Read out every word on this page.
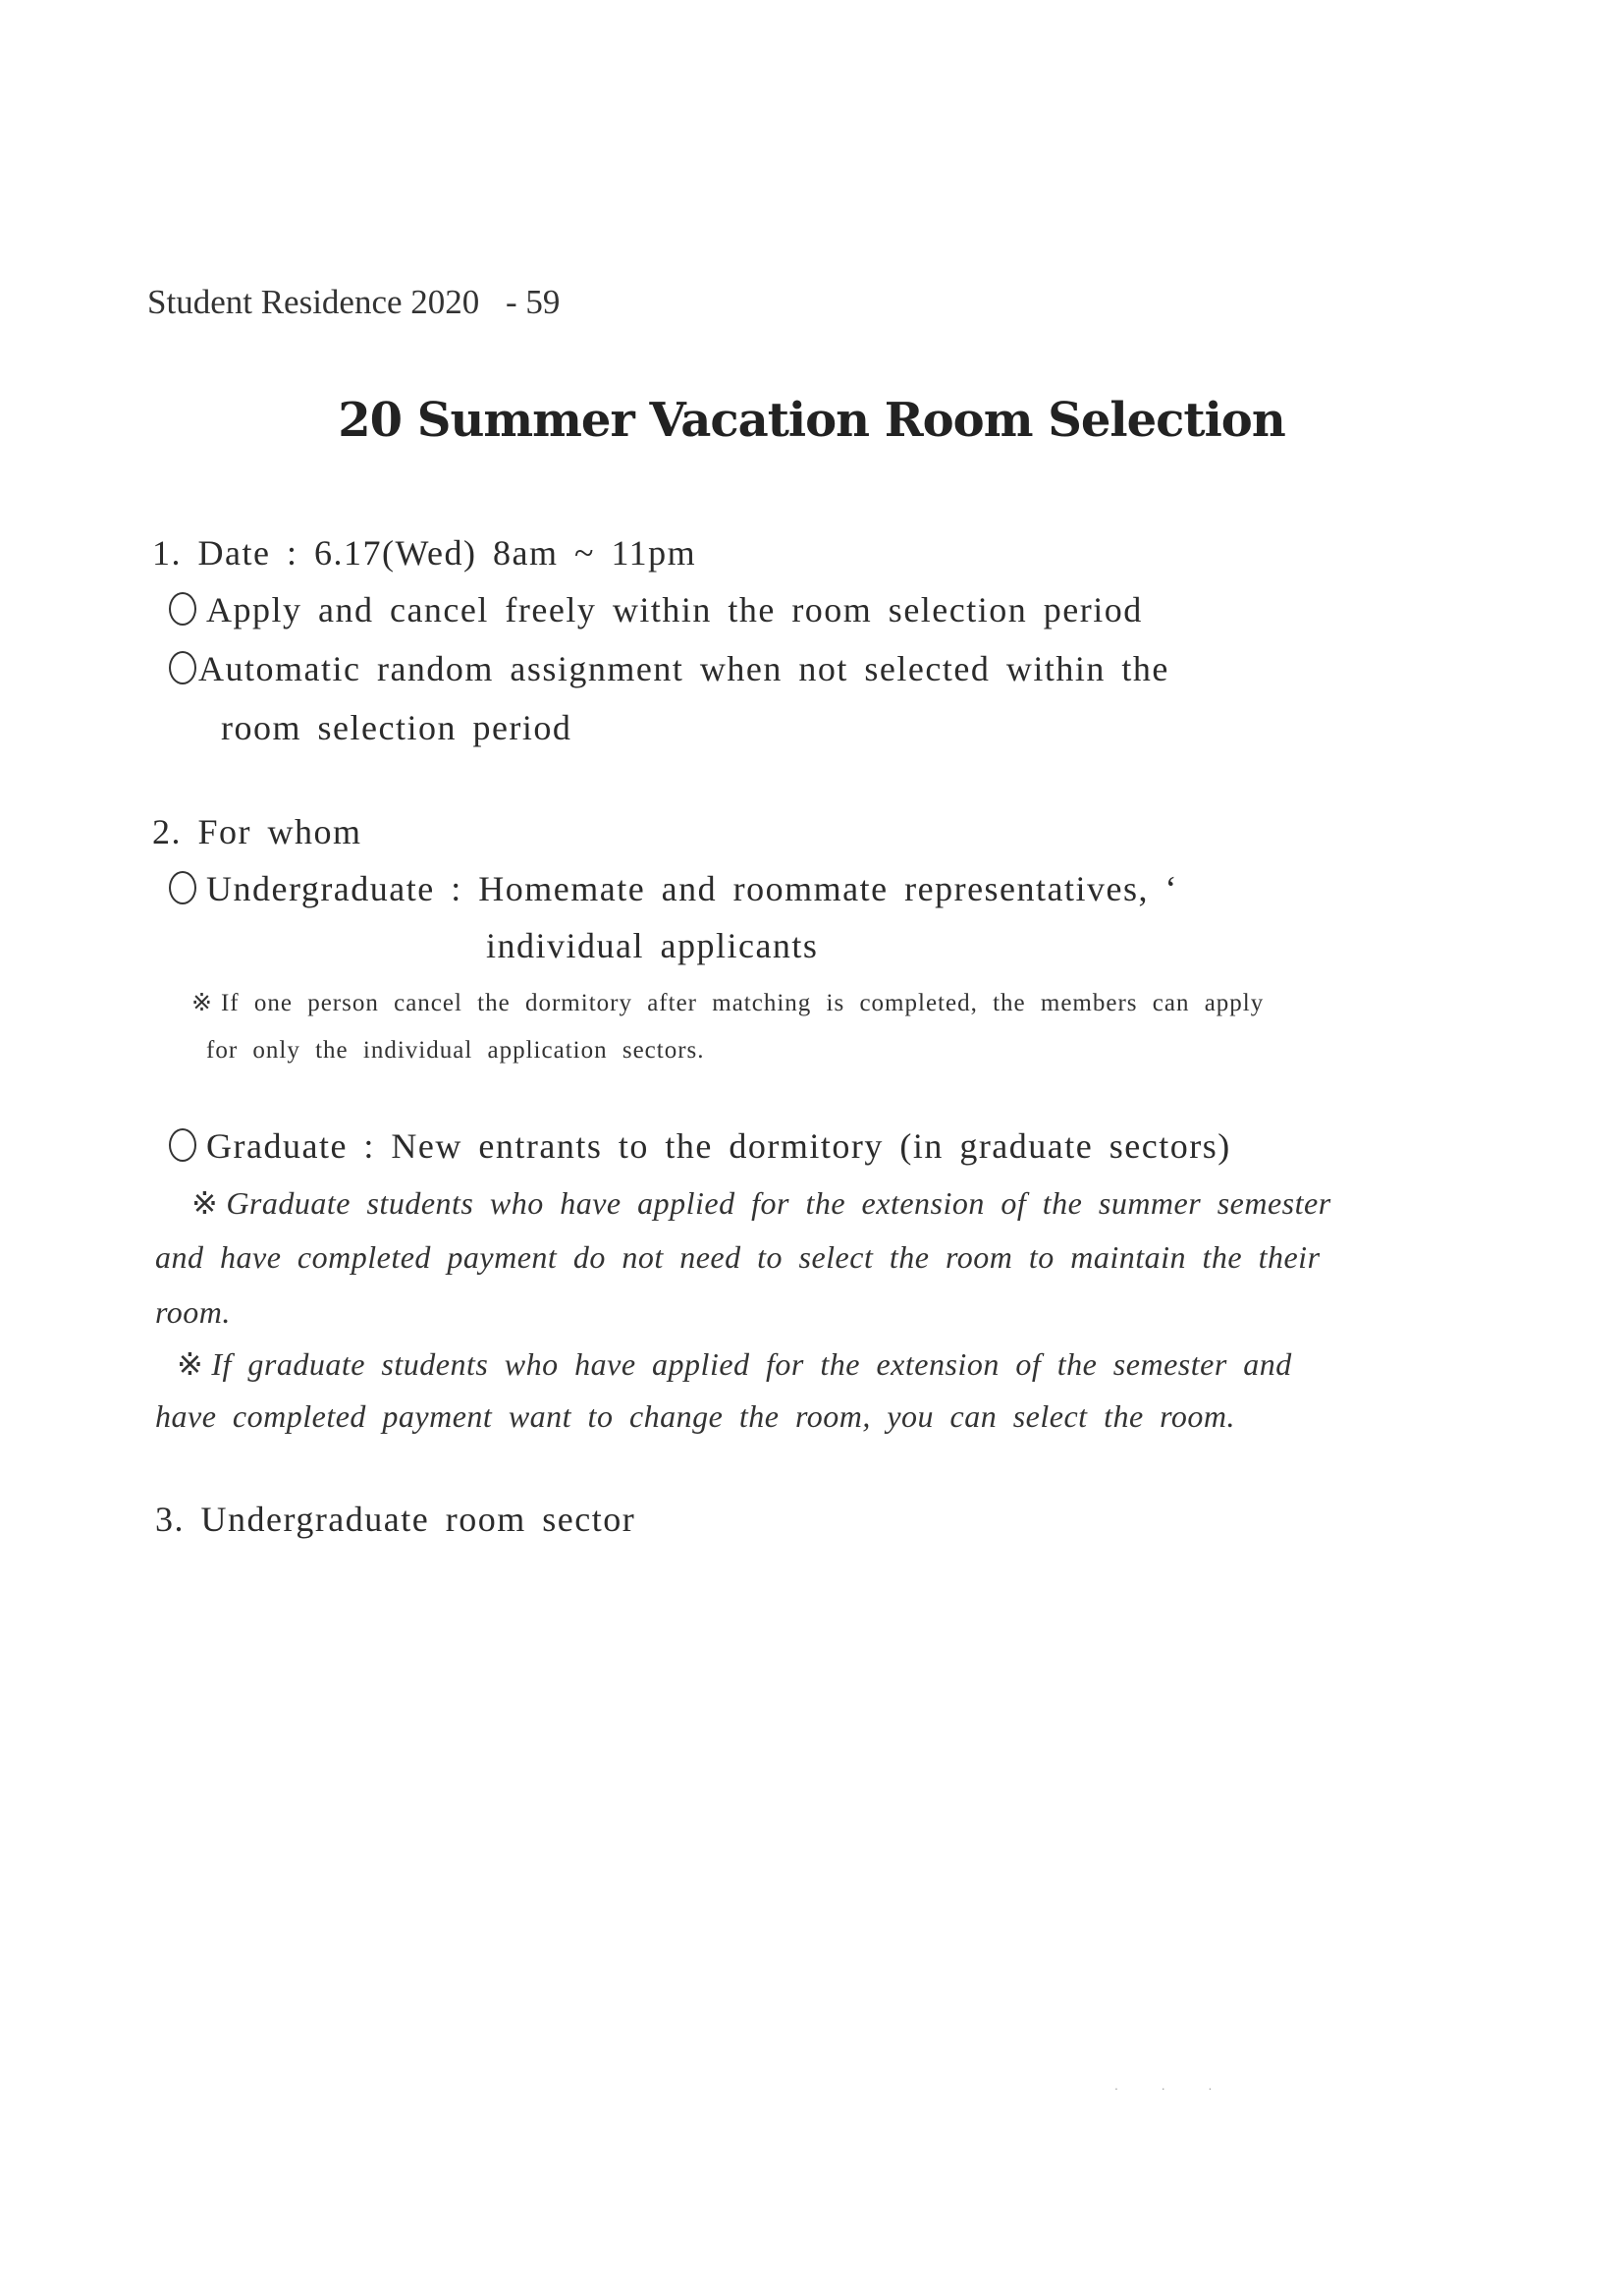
Student Residence 2020 - 59
20 Summer Vacation Room Selection
1. Date : 6.17(Wed) 8am ~ 11pm
Apply and cancel freely within the room selection period
Automatic random assignment when not selected within the
room selection period
2. For whom
Undergraduate : Homemate and roommate representatives, ‘
individual applicants
※ If one person cancel the dormitory after matching is completed, the members can apply
for only the individual application sectors.
Graduate : New entrants to the dormitory (in graduate sectors)
※ Graduate students who have applied for the extension of the summer semester
and have completed payment do not need to select the room to maintain the their
room.
※ If graduate students who have applied for the extension of the semester and
have completed payment want to change the room, you can select the room.
3. Undergraduate room sector
. . .
